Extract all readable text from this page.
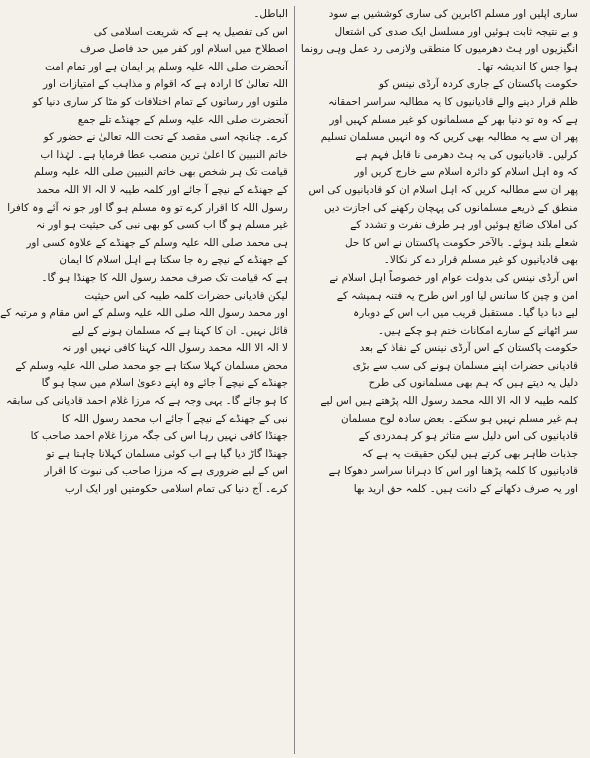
ساری اپلیں اور مسلم اکابرین کی ساری کوششیں بے سود
و بے نتیجہ ثابت ہوئیں اور مسلسل ایک صدی کی اشتعال
انگیزیوں اور ہٹ دھرمیوں کا منطقی ولازمی رد عمل وہی رونما
ہوا جس کا اندیشہ تھا۔
حکومت پاکستان کے جاری کردہ آرڈی نینس کو
ظلم قرار دینے والے قادیانیوں کا یہ مطالبہ سراسر احمقانہ
ہے کہ وہ تو دنیا بھر کے مسلمانوں کو غیر مسلم کہیں اور
پھر ان سے یہ مطالبہ بھی کریں کہ وہ انہیں مسلمان تسلیم
کرلیں۔ قادیانیوں کی یہ ہٹ دھرمی نا قابل فہم ہے
کہ وہ اہل اسلام کو دائرہ اسلام سے خارج کریں اور
پھر ان سے مطالبہ کریں کہ اہل اسلام ان کو قادیانیوں کی اس
منطق کے ذریعے مسلمانوں کی پہچان رکھنے کی اجازت دیں
کی املاک ضائع ہوئیں اور ہر طرف نفرت و تشدد کے
شعلے بلند ہوئے۔ بالآخر حکومت پاکستان نے اس کا حل
بھی قادیانیوں کو غیر مسلم قرار دے کر نکالا۔
اس آرڈی نینس کی بدولت عوام اور خصوصاً اہل اسلام نے
امن و چین کا سانس لیا اور اس طرح یہ فتنہ ہمیشہ کے
لیے دبا دیا گیا۔ مستقبل قریب میں اب اس کے دوبارہ
سر اٹھانے کے سارے امکانات ختم ہو چکے ہیں۔
حکومت پاکستان کے اس آرڈی نینس کے نفاذ کے بعد
قادیانی حضرات اپنے مسلمان ہونے کی سب سے بڑی
دلیل یہ دیتے ہیں کہ ہم بھی مسلمانوں کی طرح
کلمہ طیبہ لا الہ الا اللہ محمد رسول اللہ پڑھتے ہیں اس لیے
ہم غیر مسلم نہیں ہو سکتے۔ بعض سادہ لوح مسلمان
قادیانیوں کی اس دلیل سے متاثر ہو کر ہمدردی کے
جذبات ظاہر بھی کرتے ہیں لیکن حقیقت یہ ہے کہ
قادیانیوں کا کلمہ پڑھنا اور اس کا دہرانا سراسر دھوکا ہے
اور یہ صرف دکھانے کے دانت ہیں۔ کلمہ حق ارید بھا
الباطل۔
اس کی تفصیل یہ ہے کہ شریعت اسلامی کی
اصطلاح میں اسلام اور کفر میں حد فاصل صرف
آنحضرت صلی اللہ علیہ وسلم پر ایمان ہے اور تمام امت
اللہ تعالیٰ کا ارادہ ہے کہ اقوام و مذاہب کے امتیازات اور
ملتوں اور رساتوں کے تمام اختلافات کو مٹا کر ساری دنیا کو
آنحضرت صلی اللہ علیہ وسلم کے جھنڈے تلے جمع
کرے۔ چنانچہ اسی مقصد کے تحت اللہ تعالیٰ نے حضور کو
خاتم النبیین کا اعلیٰ ترین منصب عطا فرمایا ہے۔ لہٰذا اب
قیامت تک ہر شخص بھی خاتم النبیین صلی اللہ علیہ وسلم
کے جھنڈے کے نیچے آ جائے اور کلمہ طیبہ لا الہ الا اللہ محمد
رسول اللہ کا اقرار کرے تو وہ مسلم ہو گا اور جو نہ آئے وہ کافرا
غیر مسلم ہو گا اب کسی کو بھی نبی کی حیثیت ہو اور نہ
ہی محمد صلی اللہ علیہ وسلم کے جھنڈے کے علاوہ کسی اور
کے جھنڈے کے نیچے رہ جا سکتا ہے اہل اسلام کا ایمان
ہے کہ قیامت تک صرف محمد رسول اللہ کا جھنڈا ہو گا۔
لیکن قادیانی حضرات کلمہ طیبہ کی اس حیثیت
اور محمد رسول اللہ صلی اللہ علیہ وسلم کے اس مقام و مرتبہ کے
قائل نہیں۔ ان کا کہنا ہے کہ مسلمان ہونے کے لیے
لا الہ الا اللہ محمد رسول اللہ کہنا کافی نہیں اور نہ
محض مسلمان کہلا سکتا ہے جو محمد صلی اللہ علیہ وسلم کے
جھنڈے کے نیچے آ جائے وہ اپنے دعویٰ اسلام میں سچا ہو گا
کا ہو جائے گا۔ یہی وجہ ہے کہ مرزا غلام احمد قادیانی کی سابقہ
نبی کے جھنڈے کے نیچے آ جائے اب محمد رسول اللہ کا
جھنڈا کافی نہیں رہا اس کی جگہ مرزا غلام احمد صاحب کا
جھنڈا گاڑ دیا گیا ہے اب کوئی مسلمان کہلانا چاہتا ہے تو
اس کے لیے ضروری ہے کہ مرزا صاحب کی نبوت کا اقرار
کرے۔ آج دنیا کی تمام اسلامی حکومتیں اور ایک ارب
